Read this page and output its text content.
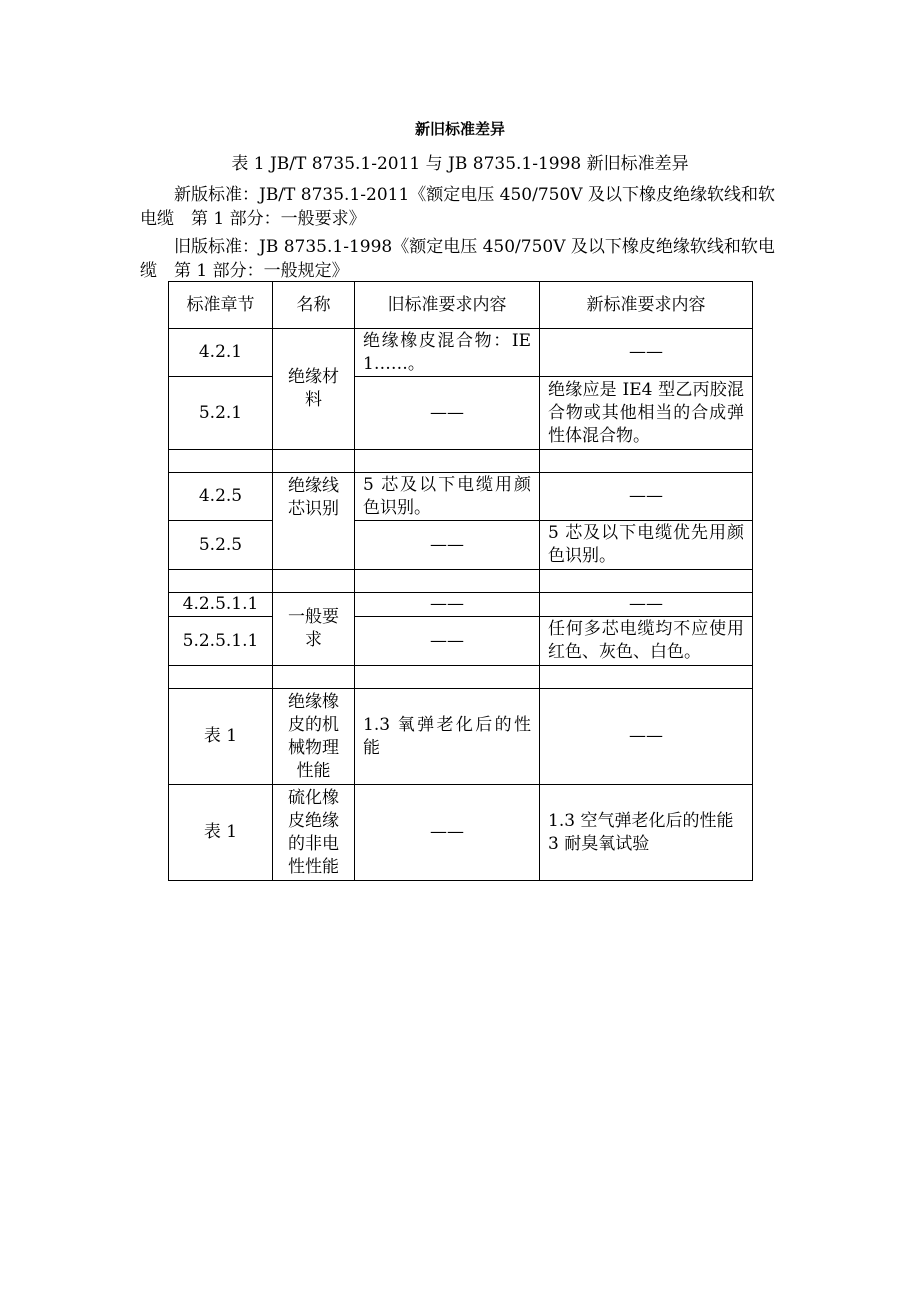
新旧标准差异
表 1 JB/T 8735.1-2011 与 JB 8735.1-1998 新旧标准差异
新版标准：JB/T 8735.1-2011《额定电压 450/750V 及以下橡皮绝缘软线和软电缆　第 1 部分：一般要求》
旧版标准：JB 8735.1-1998《额定电压 450/750V 及以下橡皮绝缘软线和软电缆　第 1 部分：一般规定》
标准章节	名称	旧标准要求内容	新标准要求内容
4.2.1	绝缘材料	绝缘橡皮混合物：IE1……。	——
5.2.1		——	绝缘应是 IE4 型乙丙胶混合物或其他相当的合成弹性体混合物。

4.2.5	绝缘线芯识别	5 芯及以下电缆用颜色识别。	——
5.2.5		——	5 芯及以下电缆优先用颜色识别。

4.2.5.1.1	一般要求	——	——
5.2.5.1.1		——	任何多芯电缆均不应使用红色、灰色、白色。

表 1	绝缘橡皮的机械物理性能	1.3 氧弹老化后的性能	——
表 1	硫化橡皮绝缘的非电性性能	——	1.3 空气弹老化后的性能
3 耐臭氧试验
